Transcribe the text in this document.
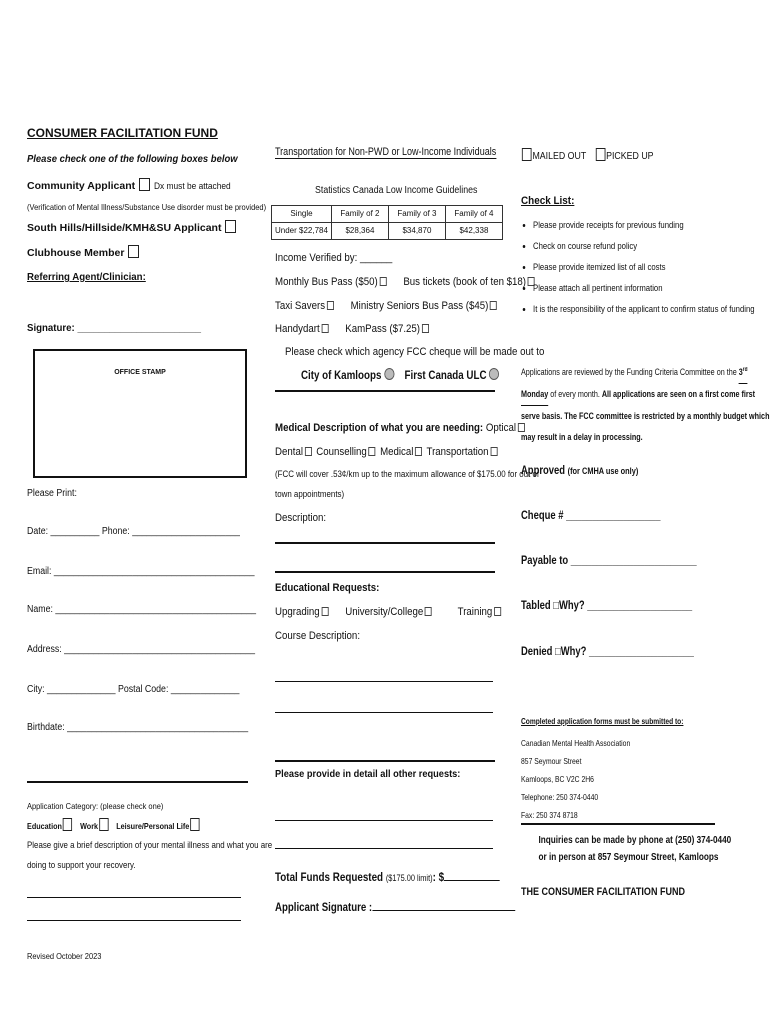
CONSUMER FACILITATION FUND
Please check one of the following boxes below
Community Applicant Dx must be attached
(Verification of Mental Illness/Substance Use disorder must be provided)
South Hills/Hillside/KMH&SU Applicant
Clubhouse Member
Referring Agent/Clinician:
Signature: _______________________
OFFICE STAMP
Please Print:
Date: __________ Phone: ______________________
Email: _________________________________________
Name: _________________________________________
Address: _______________________________________
City: ______________ Postal Code: ______________
Birthdate: _____________________________________
Application Category: (please check one)
Education Work Leisure/Personal Life
Please give a brief description of your mental illness and what you are
doing to support your recovery.
Revised October 2023
Transportation for Non-PWD or Low-Income Individuals
Statistics Canada Low Income Guidelines
Single	Family of 2	Family of 3	Family of 4
Under $22,784	$28,364	$34,870	$42,338
Income Verified by: ______
Monthly Bus Pass ($50) Bus tickets (book of ten $18)
Taxi Savers Ministry Seniors Bus Pass ($45)
Handydart KamPass ($7.25)
Please check which agency FCC cheque will be made out to
City of Kamloops First Canada ULC
Medical Description of what you are needing: Optical
Dental Counselling Medical Transportation
(FCC will cover .53¢/km up to the maximum allowance of $175.00 for out of
town appointments)
Description:
Educational Requests:
Upgrading University/College	Training
Course Description:
Please provide in detail all other requests:
Total Funds Requested ($175.00 limit): $
Applicant Signature :
MAILED OUT PICKED UP
Check List:
• Please provide receipts for previous funding
• Check on course refund policy
• Please provide itemized list of all costs
• Please attach all pertinent information
• It is the responsibility of the applicant to confirm status of funding
Applications are reviewed by the Funding Criteria Committee on the 3rd
Monday of every month. All applications are seen on a first come first
serve basis. The FCC committee is restricted by a monthly budget which
may result in a delay in processing.
Approved (for CMHA use only)
Cheque # __________________
Payable to ________________________
Tabled □Why? ____________________
Denied □Why? ____________________
Completed application forms must be submitted to:
Canadian Mental Health Association
857 Seymour Street
Kamloops, BC V2C 2H6
Telephone: 250 374-0440
Fax: 250 374 8718
Inquiries can be made by phone at (250) 374-0440
or in person at 857 Seymour Street, Kamloops
THE CONSUMER FACILITATION FUND
